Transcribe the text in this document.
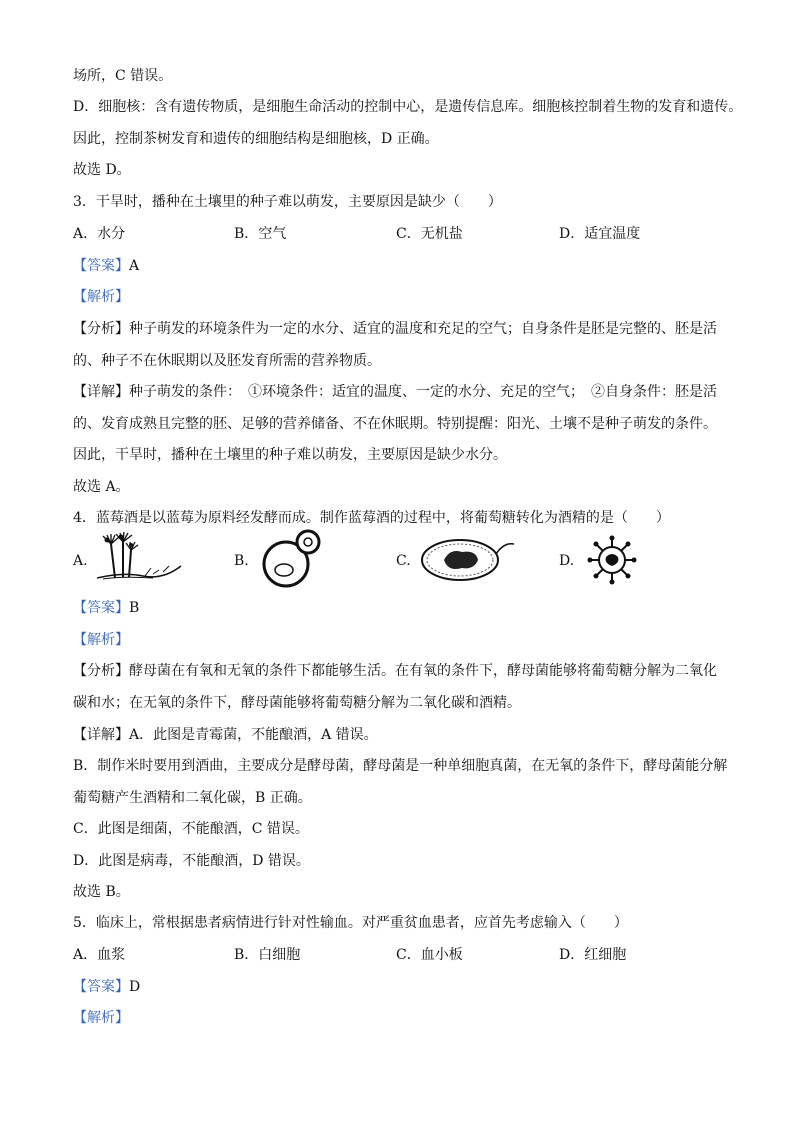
场所，C 错误。
D．细胞核：含有遗传物质，是细胞生命活动的控制中心，是遗传信息库。细胞核控制着生物的发育和遗传。
因此，控制茶树发育和遗传的细胞结构是细胞核，D 正确。
故选 D。
3．干旱时，播种在土壤里的种子难以萌发，主要原因是缺少（　　）
A．水分	B．空气	C．无机盐	D．适宜温度
【答案】A
【解析】
【分析】种子萌发的环境条件为一定的水分、适宜的温度和充足的空气；自身条件是胚是完整的、胚是活
的、种子不在休眠期以及胚发育所需的营养物质。
【详解】种子萌发的条件：　①环境条件：适宜的温度、一定的水分、充足的空气；　②自身条件：胚是活
的、发育成熟且完整的胚、足够的营养储备、不在休眠期。特别提醒：阳光、土壤不是种子萌发的条件。
因此，干旱时，播种在土壤里的种子难以萌发，主要原因是缺少水分。
故选 A。
4．蓝莓酒是以蓝莓为原料经发酵而成。制作蓝莓酒的过程中，将葡萄糖转化为酒精的是（　　）
A.	B.	C.	D.
【答案】B
【解析】
【分析】酵母菌在有氧和无氧的条件下都能够生活。在有氧的条件下，酵母菌能够将葡萄糖分解为二氧化
碳和水；在无氧的条件下，酵母菌能够将葡萄糖分解为二氧化碳和酒精。
【详解】A．此图是青霉菌，不能酿酒，A 错误。
B．制作米时要用到酒曲，主要成分是酵母菌，酵母菌是一种单细胞真菌，在无氧的条件下，酵母菌能分解
葡萄糖产生酒精和二氧化碳，B 正确。
C．此图是细菌，不能酿酒，C 错误。
D．此图是病毒，不能酿酒，D 错误。
故选 B。
5．临床上，常根据患者病情进行针对性输血。对严重贫血患者，应首先考虑输入（　　）
A．血浆	B．白细胞	C．血小板	D．红细胞
【答案】D
【解析】
